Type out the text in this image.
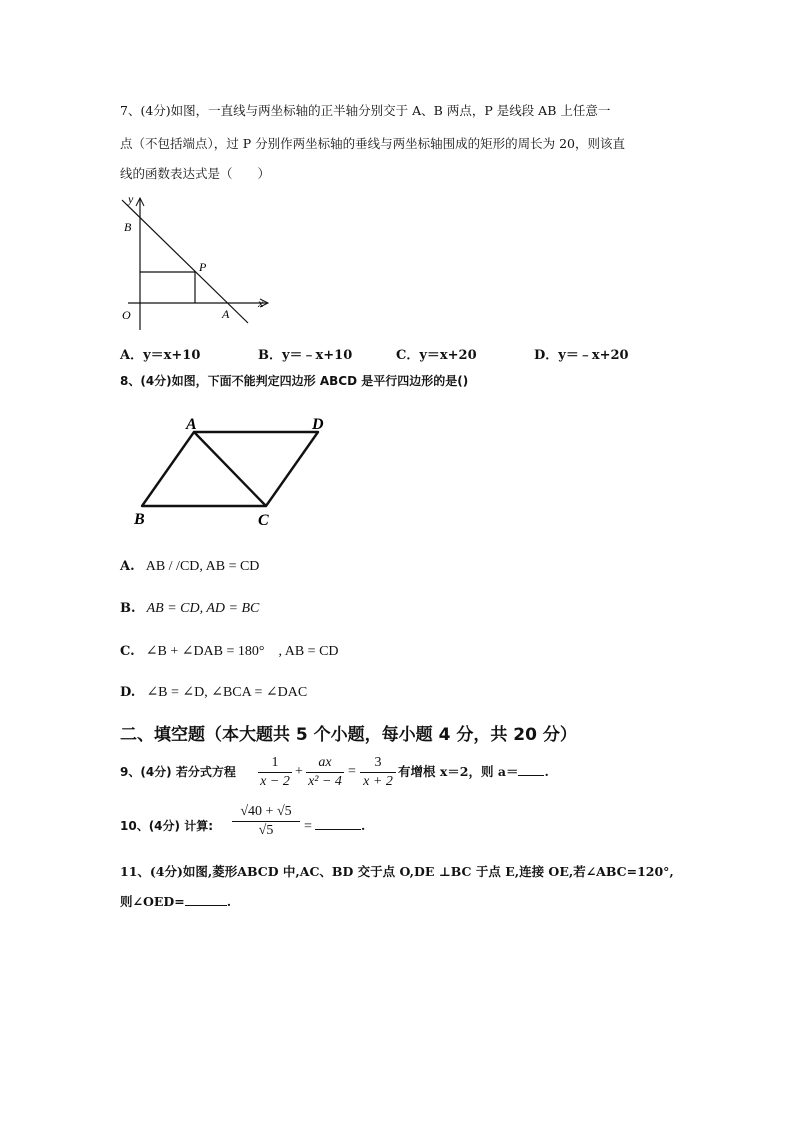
7、(4分)如图，一直线与两坐标轴的正半轴分别交于 A、B 两点，P 是线段 AB 上任意一
点（不包括端点），过 P 分别作两坐标轴的垂线与两坐标轴围成的矩形的周长为 20，则该直
线的函数表达式是（　　）
y
B
P
O	A
x
A．y＝x+10	B．y＝﹣x+10	C．y＝x+20	D．y＝﹣x+20
8、(4分)如图，下面不能判定四边形 ABCD 是平行四边形的是()
A	D
B	C
A. AB / /CD, AB = CD
B. AB = CD, AD = BC
C. ∠B + ∠DAB = 180°　, AB = CD
D. ∠B = ∠D, ∠BCA = ∠DAC
二、填空题（本大题共 5 个小题，每小题 4 分，共 20 分）
9、(4分) 若分式方程
1
x − 2
+
ax
x² − 4
=
3
x + 2
有增根 x＝2，则 a＝ .
10、(4分) 计算:
√40 + √5
√5	=	.
11、(4分)如图,菱形ABCD 中,AC、BD 交于点 O,DE ⊥BC 于点 E,连接 OE,若∠ABC=120°,
则∠OED=	.
